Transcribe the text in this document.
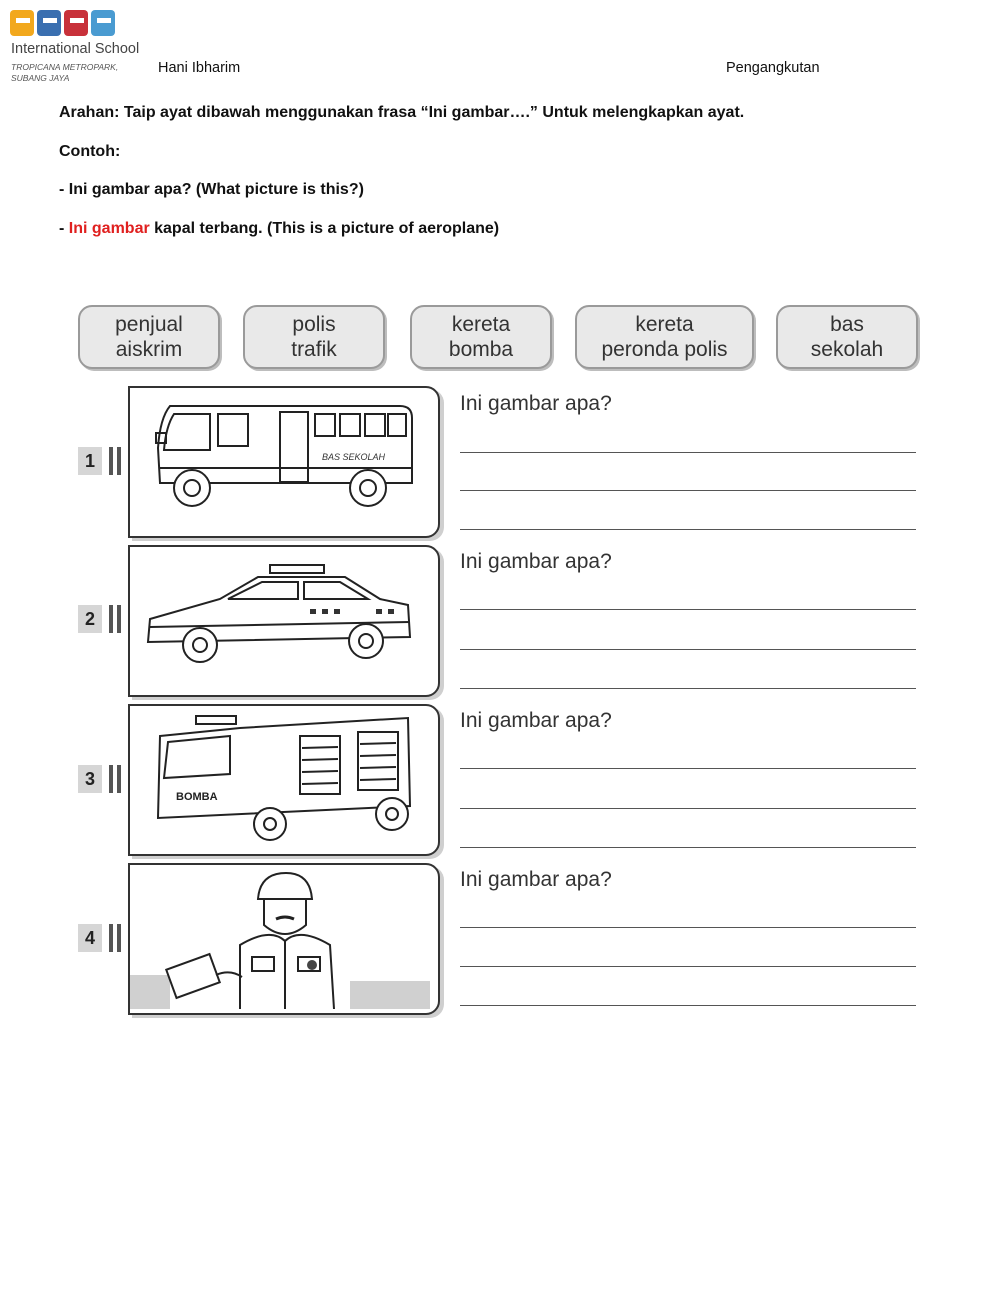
International School
TROPICANA METROPARK, SUBANG JAYA
Hani Ibharim	Pengangkutan
Arahan: Taip ayat dibawah menggunakan frasa “Ini gambar….” Untuk melengkapkan ayat.
Contoh:
- Ini gambar apa? (What picture is this?)
- Ini gambar kapal terbang. (This is a picture of aeroplane)
penjual
aiskrim
polis
trafik
kereta
bomba
kereta
peronda polis
bas
sekolah
1	BAS SEKOLAH
Ini gambar apa?
2
Ini gambar apa?
3
BOMBA
Ini gambar apa?
4
Ini gambar apa?
